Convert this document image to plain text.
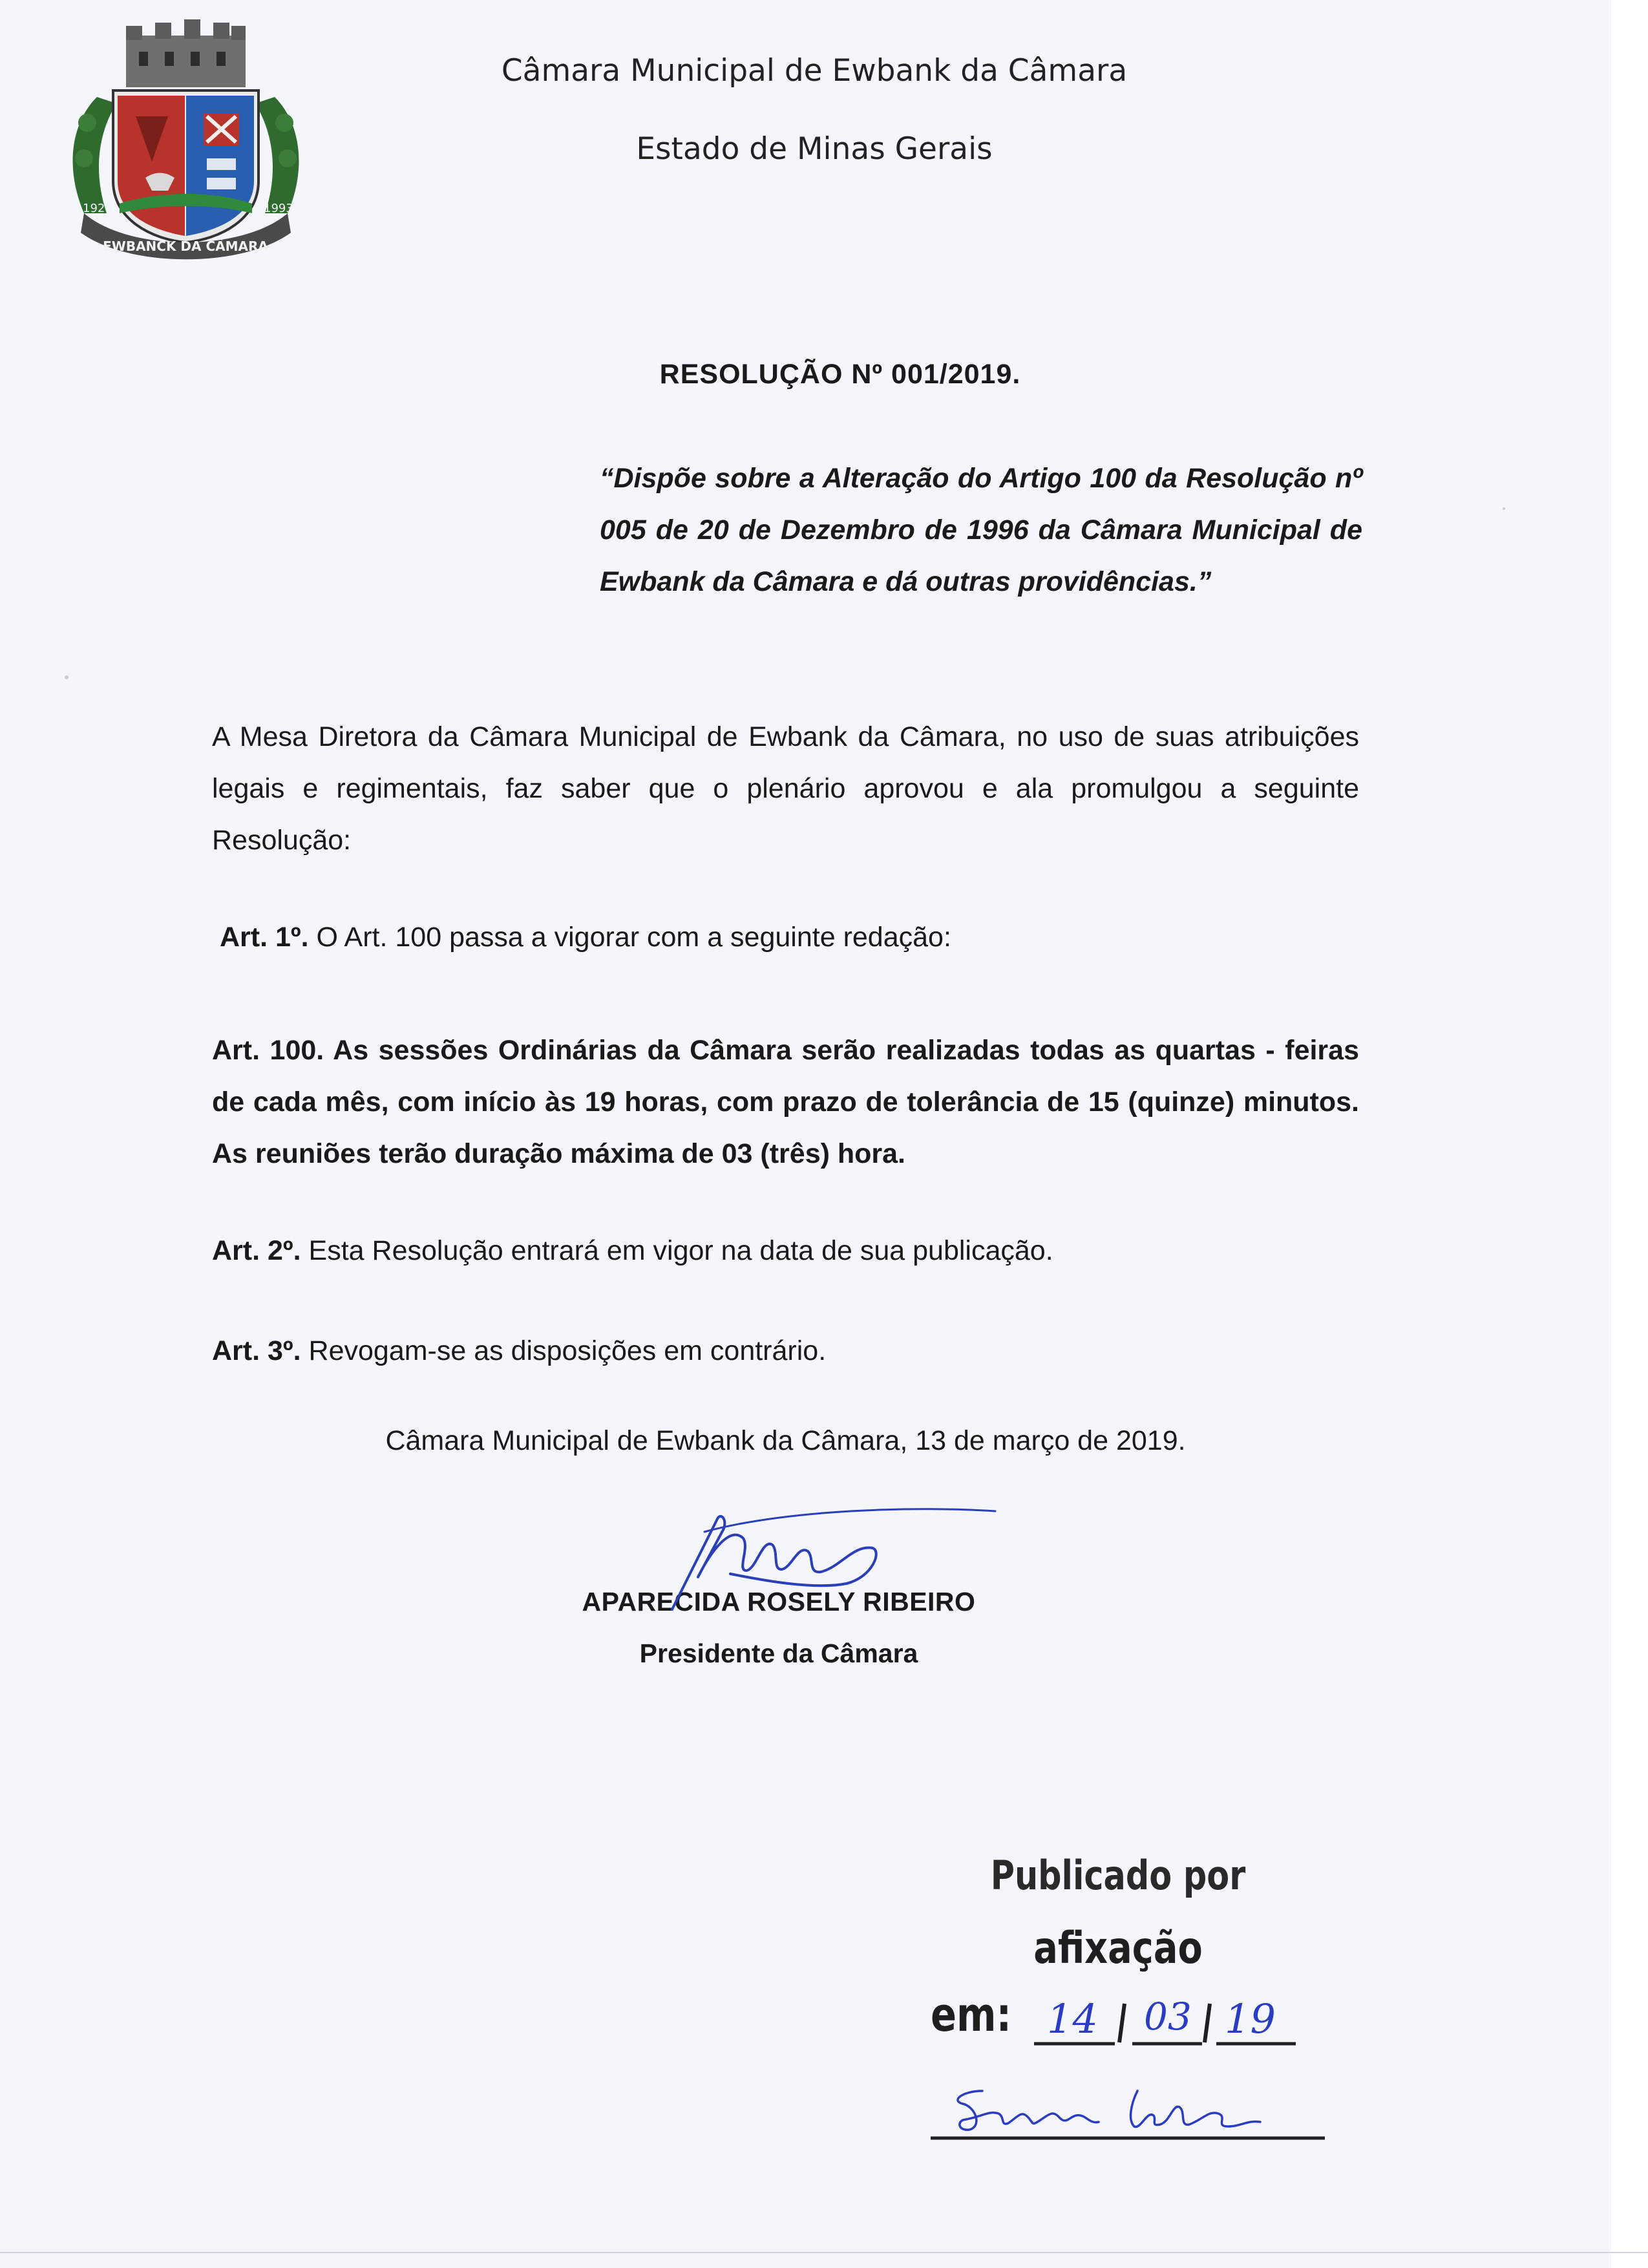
EWBANCK DA CÂMARA
1920	1993
Câmara Municipal de Ewbank da Câmara
Estado de Minas Gerais
RESOLUÇÃO Nº 001/2019.
“Dispõe sobre a Alteração do Artigo 100 da Resolução nº 005 de 20 de Dezembro de 1996 da Câmara Municipal de Ewbank da Câmara e dá outras providências.”
A Mesa Diretora da Câmara Municipal de Ewbank da Câmara, no uso de suas atribuições legais e regimentais, faz saber que o plenário aprovou e ala promulgou a seguinte Resolução:
Art. 1º. O Art. 100 passa a vigorar com a seguinte redação:
Art. 100. As sessões Ordinárias da Câmara serão realizadas todas as quartas - feiras de cada mês, com início às 19 horas, com prazo de tolerância de 15 (quinze) minutos. As reuniões terão duração máxima de 03 (três) hora.
Art. 2º. Esta Resolução entrará em vigor na data de sua publicação.
Art. 3º. Revogam-se as disposições em contrário.
Câmara Municipal de Ewbank da Câmara, 13 de março de 2019.
APARECIDA ROSELY RIBEIRO
Presidente da Câmara
Publicado por
afixação
em: 14 03 19
